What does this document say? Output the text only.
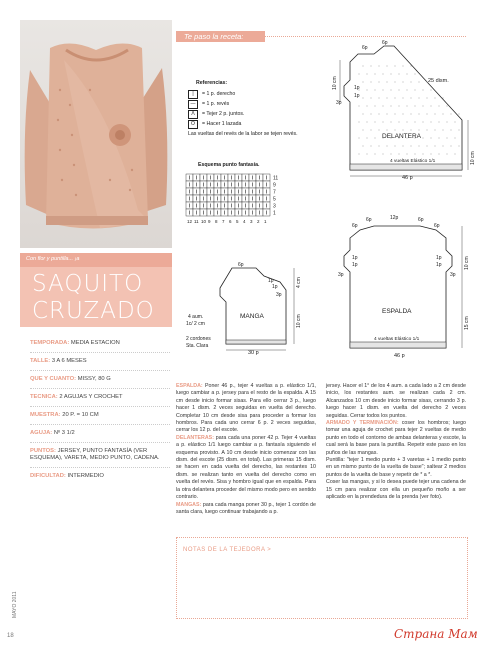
Te paso la receta:
Con flor y puntilla... ¡a
SAQUITO
CRUZADO
TEMPORADA: MEDIA ESTACION
TALLE: 3 A 6 MESES
QUE Y CUANTO: MISSY, 80 G
TECNICA: 2 AGUJAS Y CROCHET
MUESTRA: 20 P. = 10 CM
AGUJA: Nº 3 1/2
PUNTOS: JERSEY, PUNTO FANTASÍA (VER ESQUEMA), VARETA, MEDIO PUNTO, CADENA.
DIFICULTAD: INTERMEDIO
Referencias:
|	= 1 p. derecho
—	= 1 p. revés
Λ	= Tejer 2 p. juntos.
O	= Hacer 1 lazada
Las vueltas del revés de la labor se tejen revés.
Esquema punto fantasía.
11
9
7
5
3
1
12 11 10 9 8 7 6 5 4 3 2 1
6p
6p
1p
1p
3p
25 dism.
DELANTERA
4 vueltas Elástico 1/1
46 p
10 cm
10 cm
6p
6p	12p	6p
6p
1p
1p
3p
1p
1p
3p
ESPALDA
4 vueltas Elástico 1/1
46 p
10 cm
15 cm
6p
1p
1p
3p
4 aum.
1c/ 2 cm
MANGA
4 cm
10 cm
2 cordones
Sta. Clara
30 p
ESPALDA: Poner 46 p., tejer 4 vueltas a p. elástico 1/1, luego cambiar a p. jersey para el resto de la espalda. A 15 cm desde inicio formar sisas. Para ello cerrar 3 p., luego hacer 1 dism. 2 veces seguidas en vuelta del derecho. Completar 10 cm desde sisa para proceder a formar los hombros. Para cada uno cerrar 6 p. 2 veces seguidas, cerrar los 12 p. del escote.
DELANTERAS: para cada una poner 42 p. Tejer 4 vueltas a p. elástico 1/1 luego cambiar a p. fantasía siguiendo el esquema provisto. A 10 cm desde inicio comenzar con las dism. del escote (25 dism. en total). Las primeras 15 dism. se hacen en cada vuelta del derecho, las restantes 10 dism. se realizan tanto en vuelta del derecho como en vuelta del revés. Sisa y hombro igual que en espalda. Para la otra delantera proceder del mismo modo pero en sentido contrario.
MANGAS: para cada manga poner 30 p., tejer 1 cordón de santa clara, luego continuar trabajando a p.
jersey. Hacer el 1° de los 4 aum. a cada lado a 2 cm desde inicio, los restantes aum. se realizan cada 2 cm. Alcanzados 10 cm desde inicio formar sisas, cerrando 3 p. luego hacer 1 dism. en vuelta del derecho 2 veces seguidas. Cerrar todos los puntos.
ARMADO Y TERMINACIÓN: coser los hombros; luego tomar una aguja de crochet para tejer 2 vueltas de medio punto en todo el contorno de ambas delanteras y escote, la cual será la base para la puntilla. Repetir este paso en los puños de las mangas.
Puntilla: "tejer 1 medio punto + 3 varetas + 1 medio punto en un mismo punto de la vuelta de base"; saltear 2 medios puntos de la vuelta de base y repetir de * a *.
Coser las mangas, y si lo desea puede tejer una cadena de 15 cm para realizar con ella un pequeño moño a ser aplicado en la prendedura de la prenda (ver foto).
NOTAS DE LA TEJEDORA >
MAYO 2011
18	Страна Мам
